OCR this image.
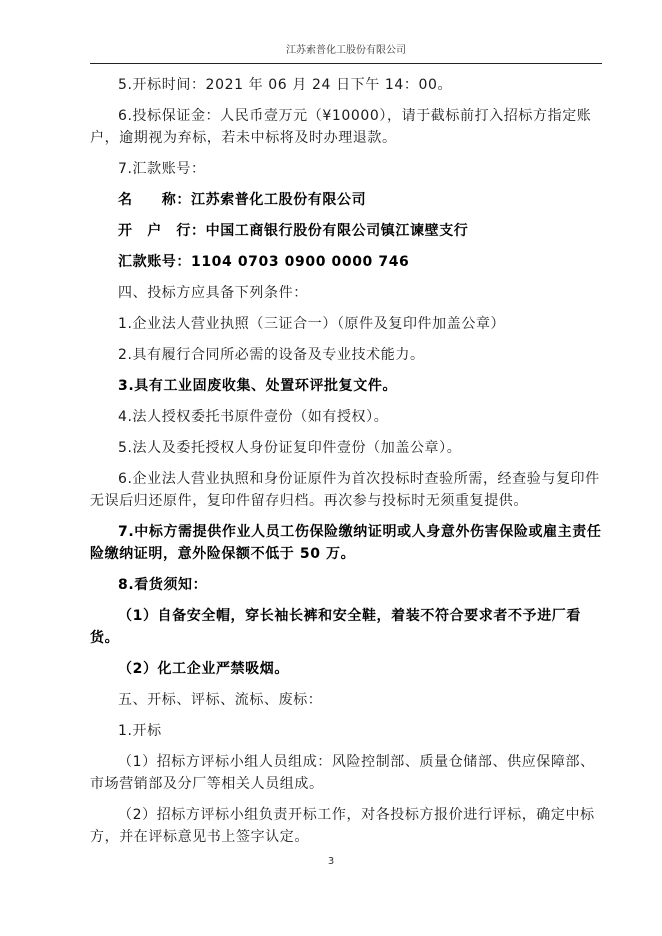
江苏索普化工股份有限公司

5.开标时间：2021 年 06 月 24 日下午 14：00。

6.投标保证金：人民币壹万元（¥10000），请于截标前打入招标方指定账户，逾期视为弃标，若未中标将及时办理退款。

7.汇款账号：

名　　称：江苏索普化工股份有限公司

开　户　行：中国工商银行股份有限公司镇江谏壁支行

汇款账号：1104 0703 0900 0000 746

四、投标方应具备下列条件：

1.企业法人营业执照（三证合一）（原件及复印件加盖公章）

2.具有履行合同所必需的设备及专业技术能力。

3.具有工业固废收集、处置环评批复文件。

4.法人授权委托书原件壹份（如有授权）。

5.法人及委托授权人身份证复印件壹份（加盖公章）。

6.企业法人营业执照和身份证原件为首次投标时查验所需，经查验与复印件无误后归还原件，复印件留存归档。再次参与投标时无须重复提供。

7.中标方需提供作业人员工伤保险缴纳证明或人身意外伤害保险或雇主责任险缴纳证明，意外险保额不低于 50 万。

8.看货须知：

（1）自备安全帽，穿长袖长裤和安全鞋，着装不符合要求者不予进厂看货。

（2）化工企业严禁吸烟。

五、开标、评标、流标、废标：

1.开标

（1）招标方评标小组人员组成：风险控制部、质量仓储部、供应保障部、市场营销部及分厂等相关人员组成。

（2）招标方评标小组负责开标工作，对各投标方报价进行评标，确定中标方，并在评标意见书上签字认定。

3
